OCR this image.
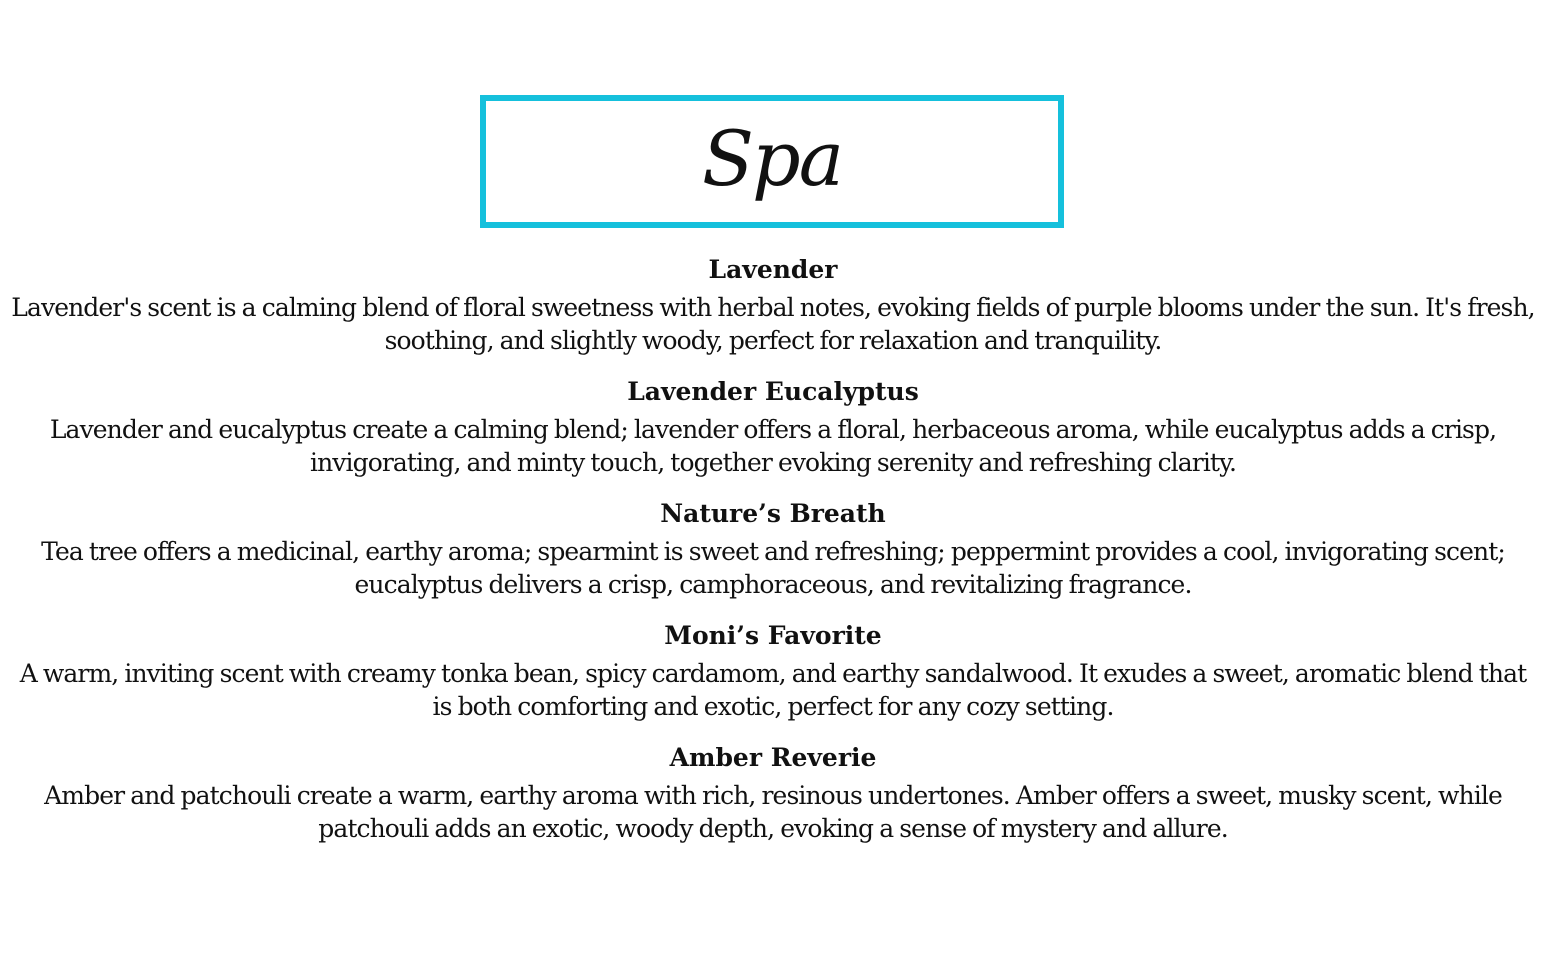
Spa
Lavender
Lavender's scent is a calming blend of floral sweetness with herbal notes, evoking fields of purple blooms under the sun. It's fresh, soothing, and slightly woody, perfect for relaxation and tranquility.
Lavender Eucalyptus
Lavender and eucalyptus create a calming blend; lavender offers a floral, herbaceous aroma, while eucalyptus adds a crisp, invigorating, and minty touch, together evoking serenity and refreshing clarity.
Nature’s Breath
Tea tree offers a medicinal, earthy aroma; spearmint is sweet and refreshing; peppermint provides a cool, invigorating scent; eucalyptus delivers a crisp, camphoraceous, and revitalizing fragrance.
Moni’s Favorite
A warm, inviting scent with creamy tonka bean, spicy cardamom, and earthy sandalwood. It exudes a sweet, aromatic blend that is both comforting and exotic, perfect for any cozy setting.
Amber Reverie
Amber and patchouli create a warm, earthy aroma with rich, resinous undertones. Amber offers a sweet, musky scent, while patchouli adds an exotic, woody depth, evoking a sense of mystery and allure.
